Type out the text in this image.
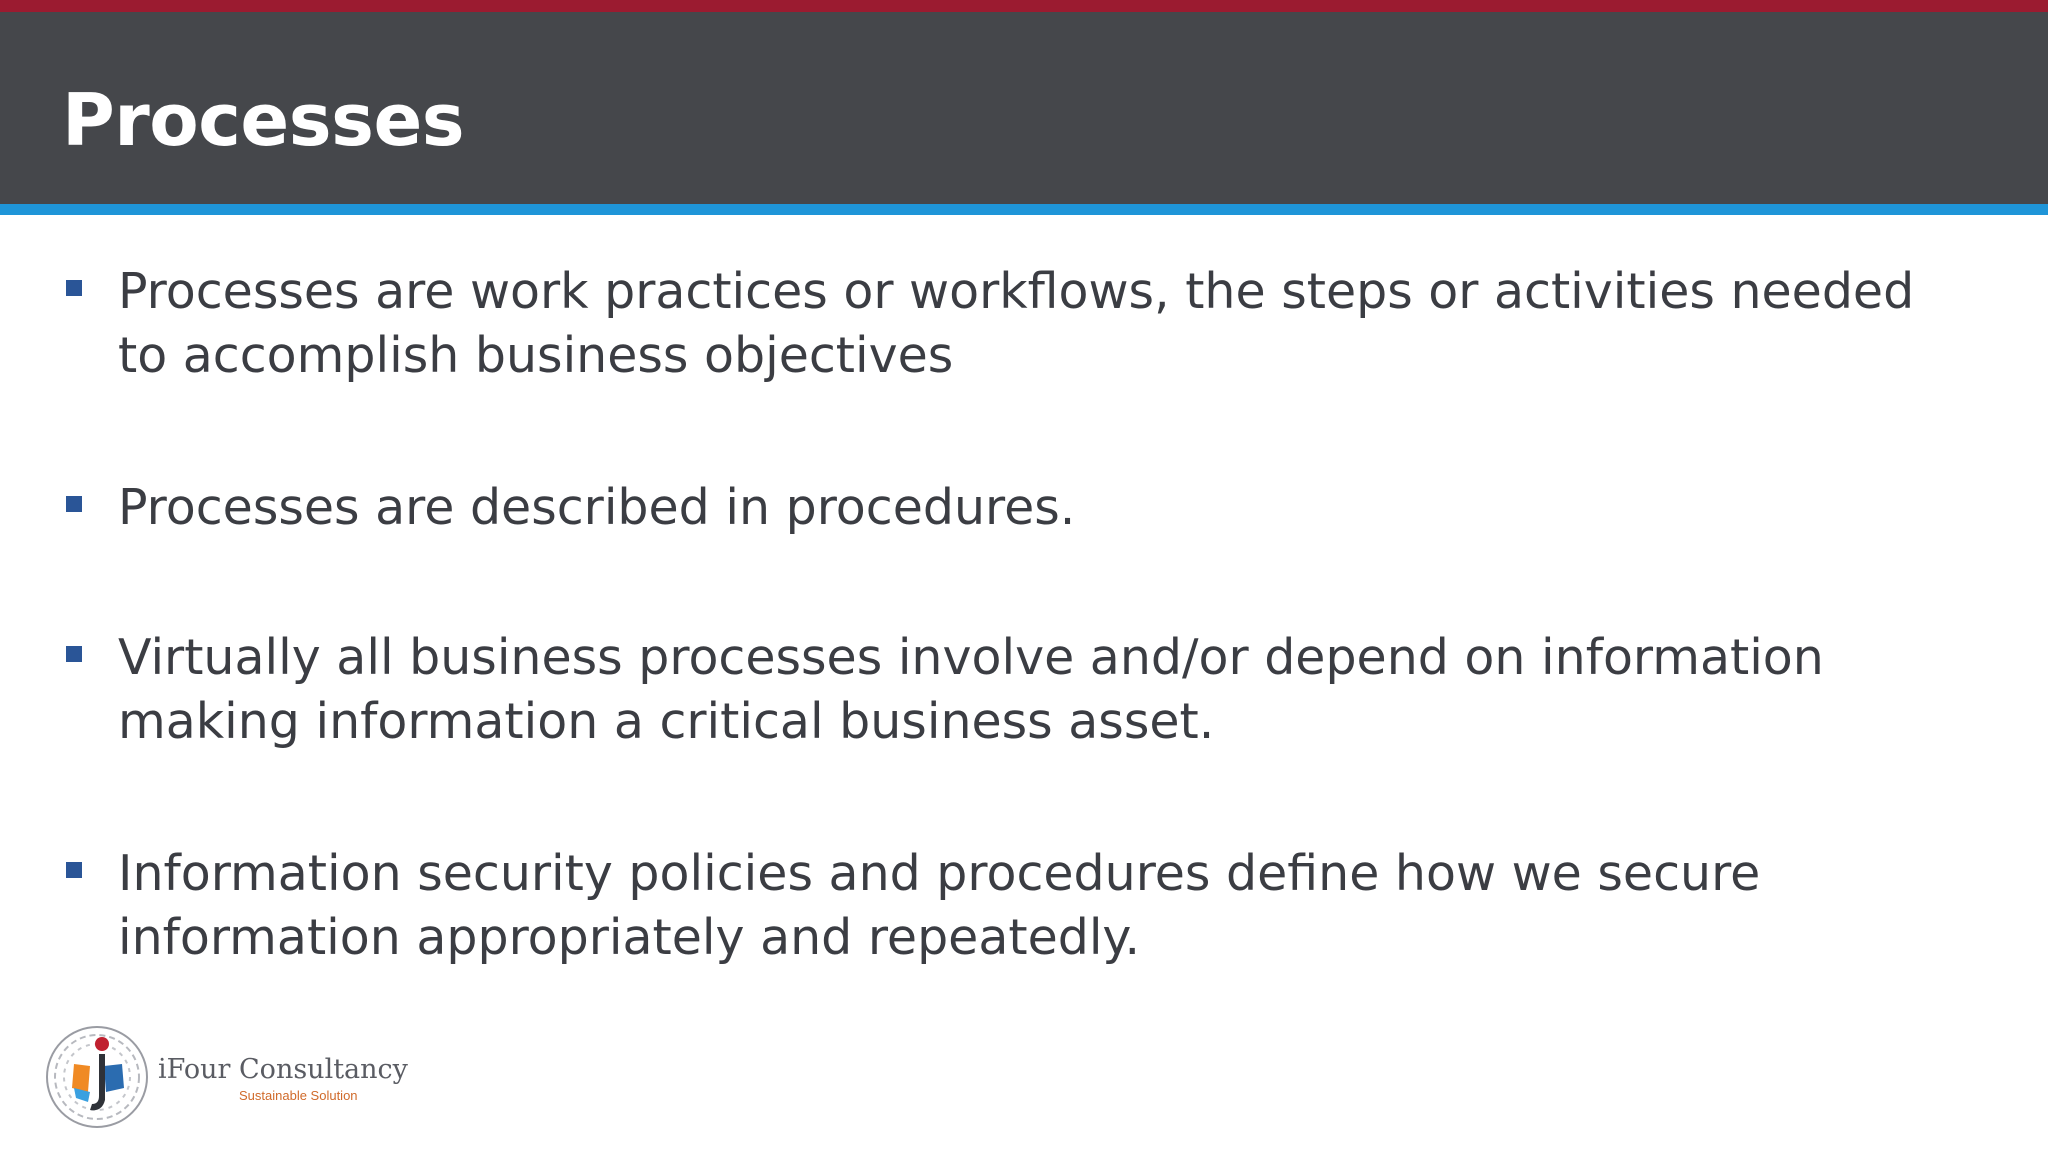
Processes
Processes are work practices or workflows, the steps or activities needed to accomplish business objectives
Processes are described in procedures.
Virtually all business processes involve and/or depend on information making information a critical business asset.
Information security policies and procedures define how we secure information appropriately and repeatedly.
iFour Consultancy
Sustainable Solution
